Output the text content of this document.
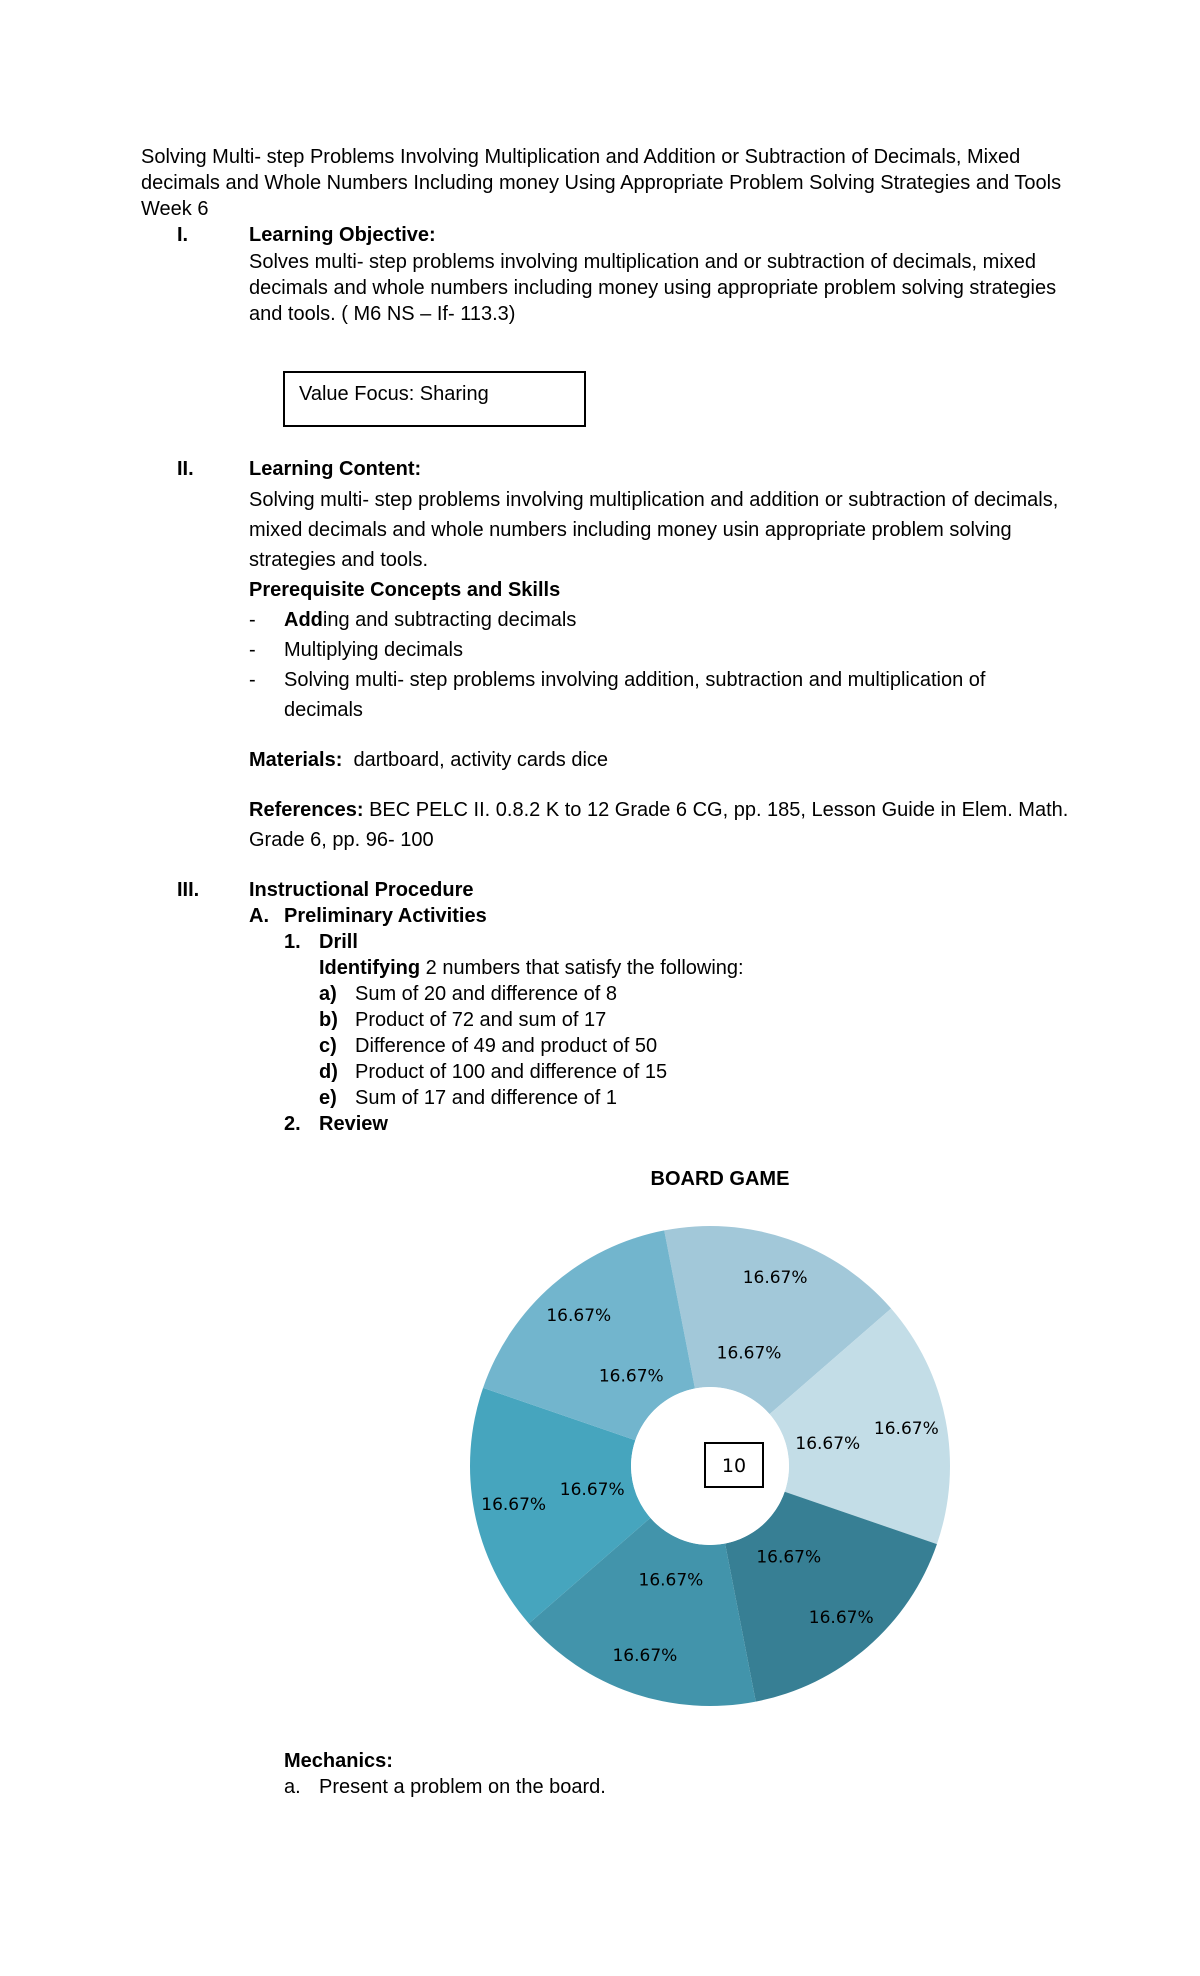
Solving Multi- step Problems Involving Multiplication and Addition or Subtraction of Decimals, Mixed
decimals and Whole Numbers Including money Using Appropriate Problem Solving Strategies and Tools
Week 6
I.	Learning Objective:
Solves multi- step problems involving multiplication and or subtraction of decimals, mixed
decimals and whole numbers including money using appropriate problem solving strategies
and tools. ( M6 NS – If- 113.3)
Value Focus: Sharing
II.	Learning Content:
Solving multi- step problems involving multiplication and addition or subtraction of decimals,
mixed decimals and whole numbers including money usin appropriate problem solving
strategies and tools.
Prerequisite Concepts and Skills
- Adding and subtracting decimals
- Multiplying decimals
- Solving multi- step problems involving addition, subtraction and multiplication of
decimals
Materials:  dartboard, activity cards dice
References: BEC PELC II. 0.8.2 K to 12 Grade 6 CG, pp. 185, Lesson Guide in Elem. Math.
Grade 6, pp. 96- 100
III. Instructional Procedure
A. Preliminary Activities
1. Drill
Identifying 2 numbers that satisfy the following:
a) Sum of 20 and difference of 8
b) Product of 72 and sum of 17
c) Difference of 49 and product of 50
d) Product of 100 and difference of 15
e) Sum of 17 and difference of 1
2. Review
BOARD GAME
16.67%
16.67%
16.67%
16.67%
16.67%
16.67%
16.67%
16.67%
16.67%
16.67%
16.67%
16.67%
10
Mechanics:
a. Present a problem on the board.
